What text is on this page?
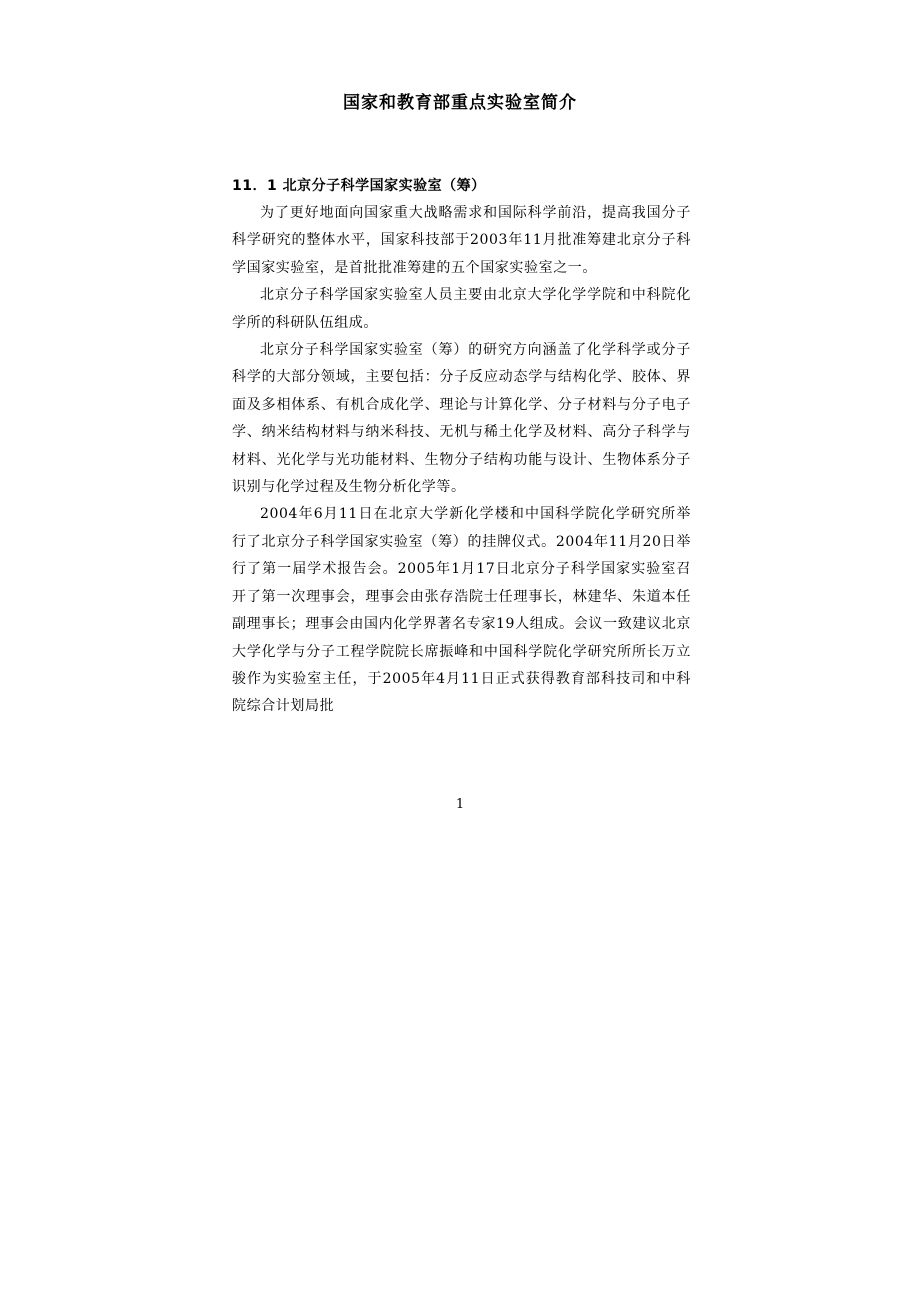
国家和教育部重点实验室简介

11．1 北京分子科学国家实验室（筹）

为了更好地面向国家重大战略需求和国际科学前沿，提高我国分子科学研究的整体水平，国家科技部于2003年11月批准筹建北京分子科学国家实验室，是首批批准筹建的五个国家实验室之一。

北京分子科学国家实验室人员主要由北京大学化学学院和中科院化学所的科研队伍组成。

北京分子科学国家实验室（筹）的研究方向涵盖了化学科学或分子科学的大部分领域，主要包括：分子反应动态学与结构化学、胶体、界面及多相体系、有机合成化学、理论与计算化学、分子材料与分子电子学、纳米结构材料与纳米科技、无机与稀土化学及材料、高分子科学与材料、光化学与光功能材料、生物分子结构功能与设计、生物体系分子识别与化学过程及生物分析化学等。

2004年6月11日在北京大学新化学楼和中国科学院化学研究所举行了北京分子科学国家实验室（筹）的挂牌仪式。2004年11月20日举行了第一届学术报告会。2005年1月17日北京分子科学国家实验室召开了第一次理事会，理事会由张存浩院士任理事长，林建华、朱道本任副理事长；理事会由国内化学界著名专家19人组成。会议一致建议北京大学化学与分子工程学院院长席振峰和中国科学院化学研究所所长万立骏作为实验室主任，于2005年4月11日正式获得教育部科技司和中科院综合计划局批

1
